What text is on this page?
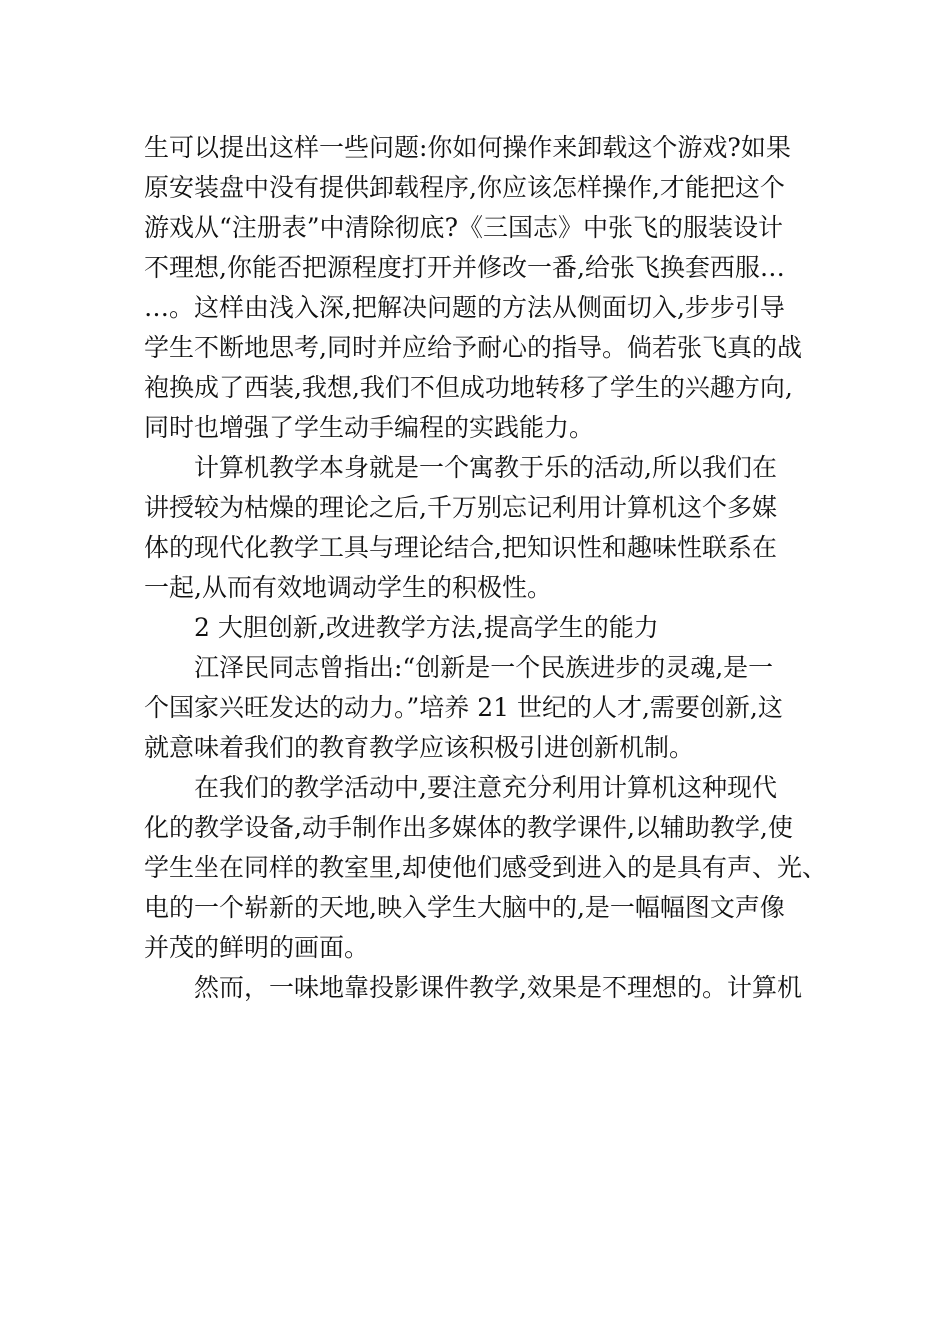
生可以提出这样一些问题:你如何操作来卸载这个游戏?如果
原安装盘中没有提供卸载程序,你应该怎样操作,才能把这个
游戏从“注册表”中清除彻底?《三国志》中张飞的服装设计
不理想,你能否把源程度打开并修改一番,给张飞换套西服…
…。这样由浅入深,把解决问题的方法从侧面切入,步步引导
学生不断地思考,同时并应给予耐心的指导。倘若张飞真的战
袍换成了西装,我想,我们不但成功地转移了学生的兴趣方向,
同时也增强了学生动手编程的实践能力。
计算机教学本身就是一个寓教于乐的活动,所以我们在
讲授较为枯燥的理论之后,千万别忘记利用计算机这个多媒
体的现代化教学工具与理论结合,把知识性和趣味性联系在
一起,从而有效地调动学生的积极性。
2 大胆创新,改进教学方法,提高学生的能力
江泽民同志曾指出:“创新是一个民族进步的灵魂,是一
个国家兴旺发达的动力。”培养 21 世纪的人才,需要创新,这
就意味着我们的教育教学应该积极引进创新机制。
在我们的教学活动中,要注意充分利用计算机这种现代
化的教学设备,动手制作出多媒体的教学课件,以辅助教学,使
学生坐在同样的教室里,却使他们感受到进入的是具有声、光、
电的一个崭新的天地,映入学生大脑中的,是一幅幅图文声像
并茂的鲜明的画面。
然而，一味地靠投影课件教学,效果是不理想的。计算机
